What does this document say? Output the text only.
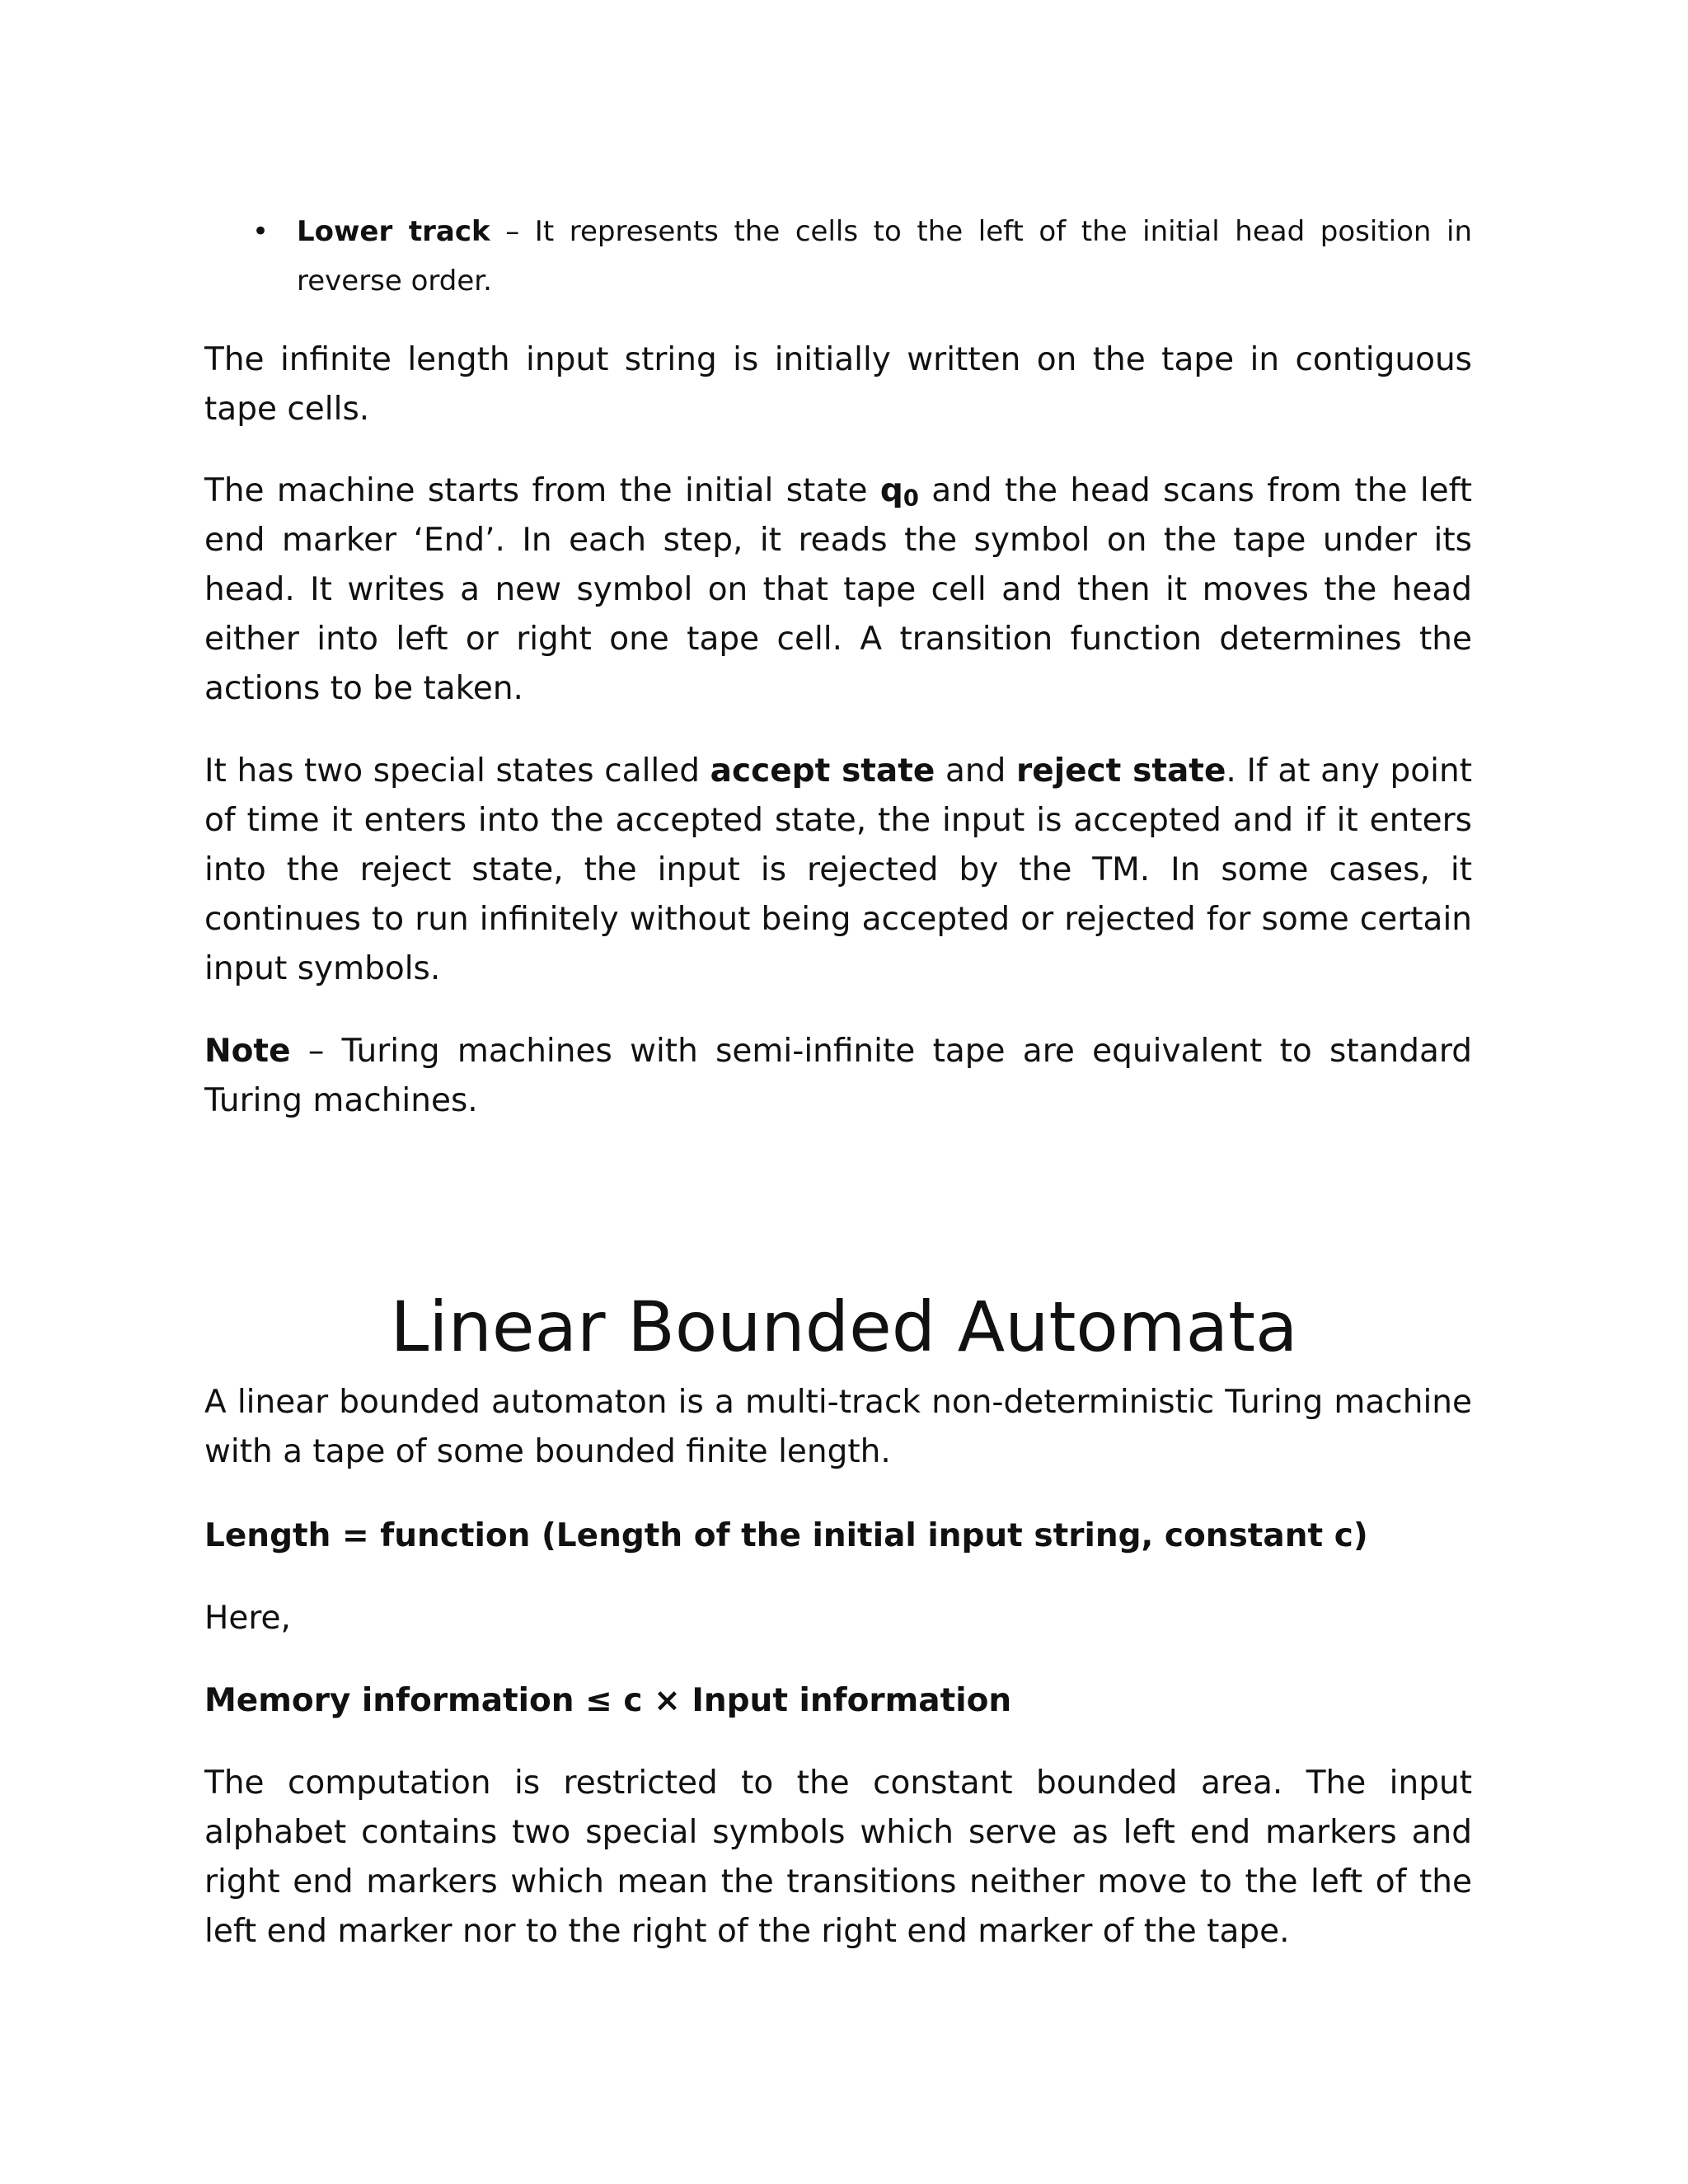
• Lower track – It represents the cells to the left of the initial head position in reverse order.

The infinite length input string is initially written on the tape in contiguous tape cells.

The machine starts from the initial state $q_0$ and the head scans from the left end marker ‘End’. In each step, it reads the symbol on the tape under its head. It writes a new symbol on that tape cell and then it moves the head either into left or right one tape cell. A transition function determines the actions to be taken.

It has two special states called accept state and reject state. If at any point of time it enters into the accepted state, the input is accepted and if it enters into the reject state, the input is rejected by the TM. In some cases, it continues to run infinitely without being accepted or rejected for some certain input symbols.

Note – Turing machines with semi-infinite tape are equivalent to standard Turing machines.

Linear Bounded Automata

A linear bounded automaton is a multi-track non-deterministic Turing machine with a tape of some bounded finite length.

Length = function (Length of the initial input string, constant c)

Here,

Memory information ≤ c × Input information

The computation is restricted to the constant bounded area. The input alphabet contains two special symbols which serve as left end markers and right end markers which mean the transitions neither move to the left of the left end marker nor to the right of the right end marker of the tape.
